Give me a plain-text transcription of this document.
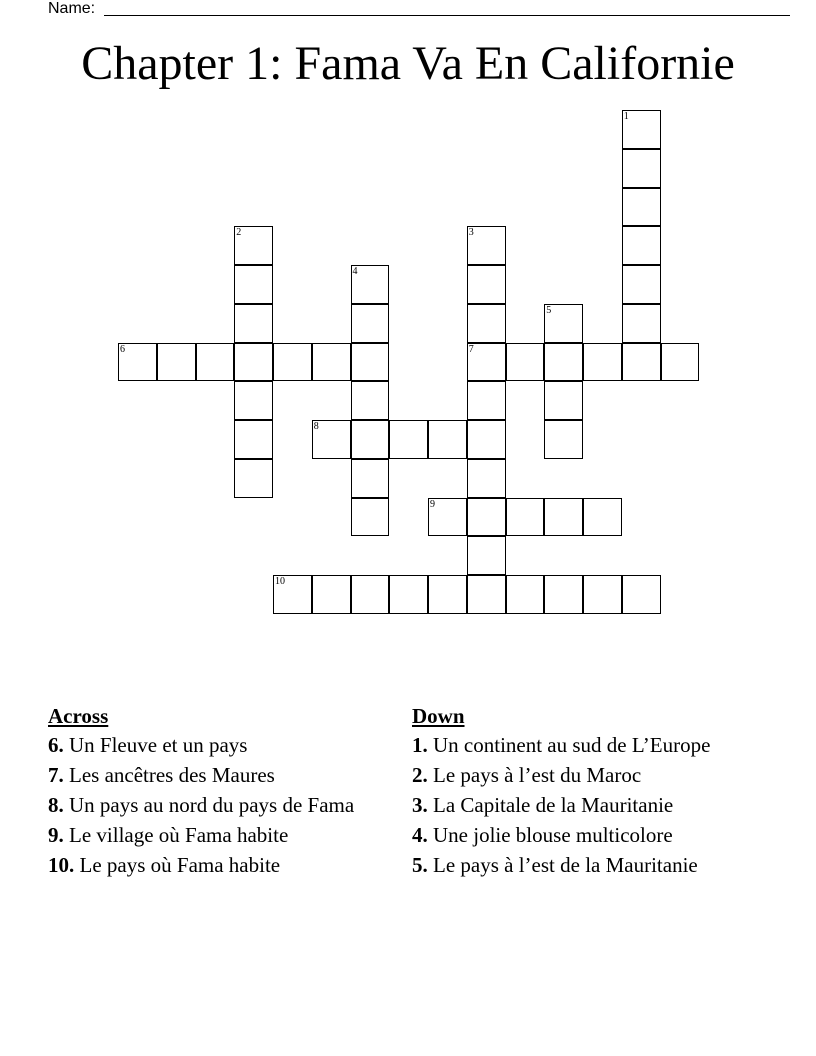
Name:
Chapter 1: Fama Va En Californie
1
2	3
7
4
5
6
8
9
10
Across
6. Un Fleuve et un pays
7. Les ancêtres des Maures
8. Un pays au nord du pays de Fama
9. Le village où Fama habite
10. Le pays où Fama habite
Down
1. Un continent au sud de L’Europe
2. Le pays à l’est du Maroc
3. La Capitale de la Mauritanie
4. Une jolie blouse multicolore
5. Le pays à l’est de la Mauritanie
